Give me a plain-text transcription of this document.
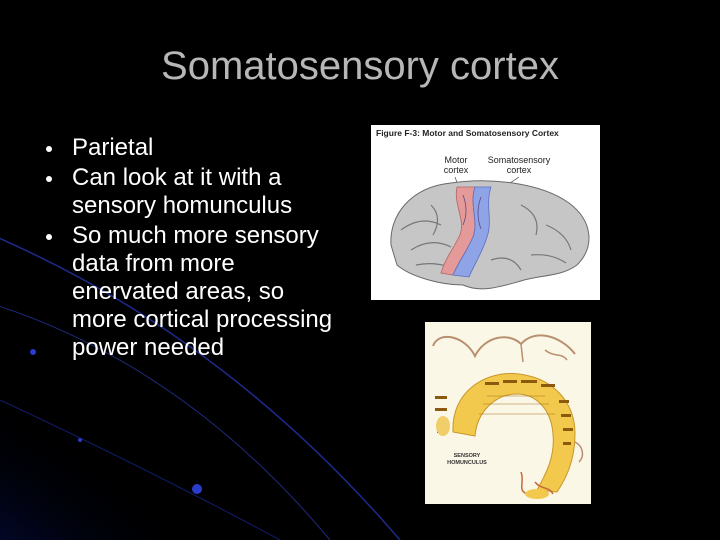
Somatosensory cortex
Parietal
Can look at it with a sensory homunculus
So much more sensory data from more enervated areas, so more cortical processing power needed
Figure F-3: Motor and Somatosensory Cortex
Motor cortex
Somatosensory cortex
SENSORY HOMUNCULUS
